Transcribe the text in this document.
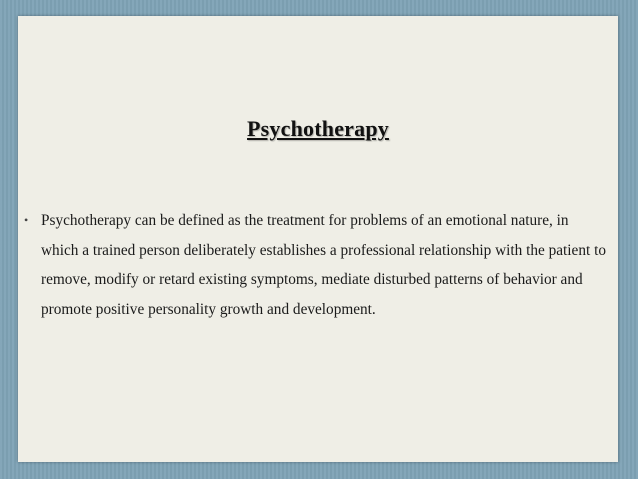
Psychotherapy
• Psychotherapy can be defined as the treatment for problems of an emotional nature, in which a trained person deliberately establishes a professional relationship with the patient to remove, modify or retard existing symptoms, mediate disturbed patterns of behavior and promote positive personality growth and development.
